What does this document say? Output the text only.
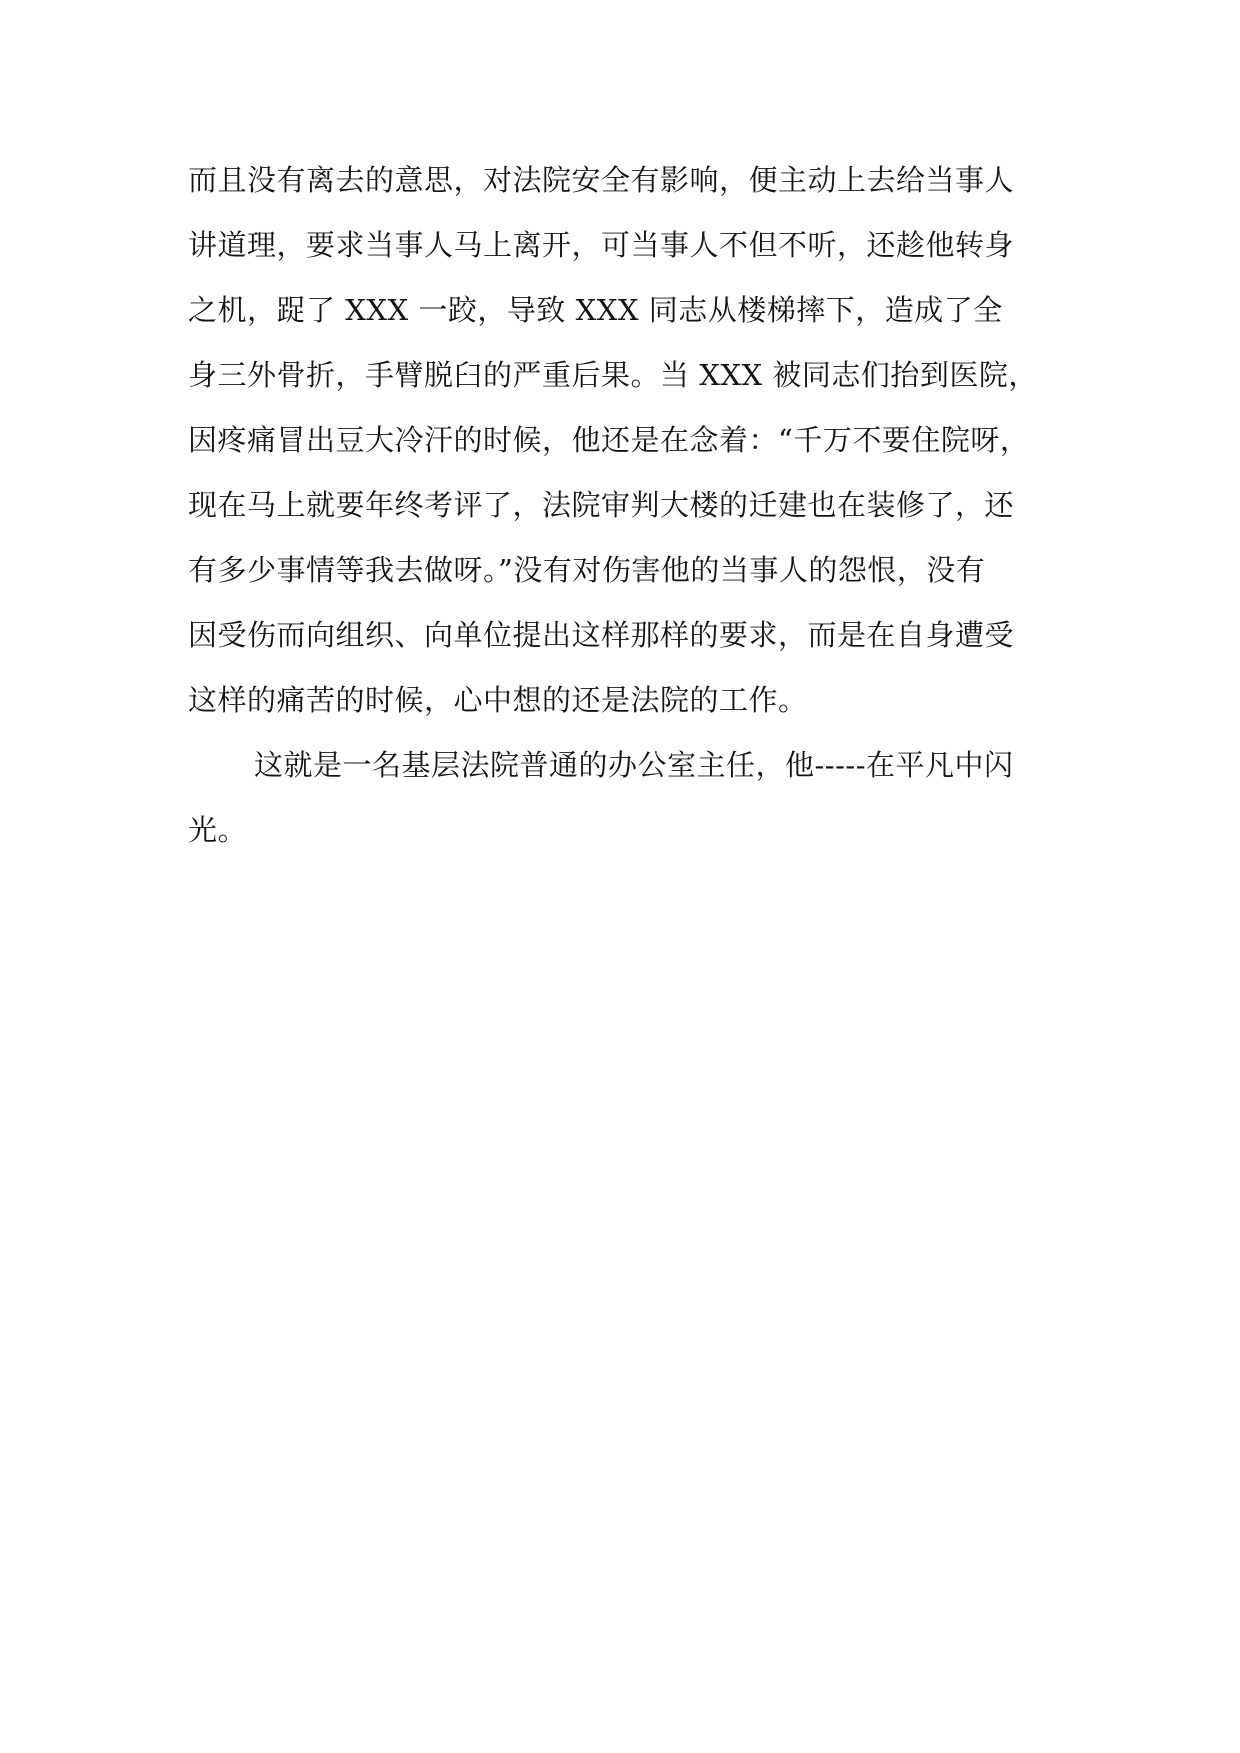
而且没有离去的意思，对法院安全有影响，便主动上去给当事人
讲道理，要求当事人马上离开，可当事人不但不听，还趁他转身
之机，踀了 XXX 一跤，导致 XXX 同志从楼梯摔下，造成了全
身三外骨折，手臂脱臼的严重后果。当 XXX 被同志们抬到医院，
因疼痛冒出豆大冷汗的时候，他还是在念着：“千万不要住院呀，
现在马上就要年终考评了，法院审判大楼的迁建也在装修了，还
有多少事情等我去做呀。”没有对伤害他的当事人的怨恨，没有
因受伤而向组织、向单位提出这样那样的要求，而是在自身遭受
这样的痛苦的时候，心中想的还是法院的工作。
这就是一名基层法院普通的办公室主任，他-----在平凡中闪
光。
